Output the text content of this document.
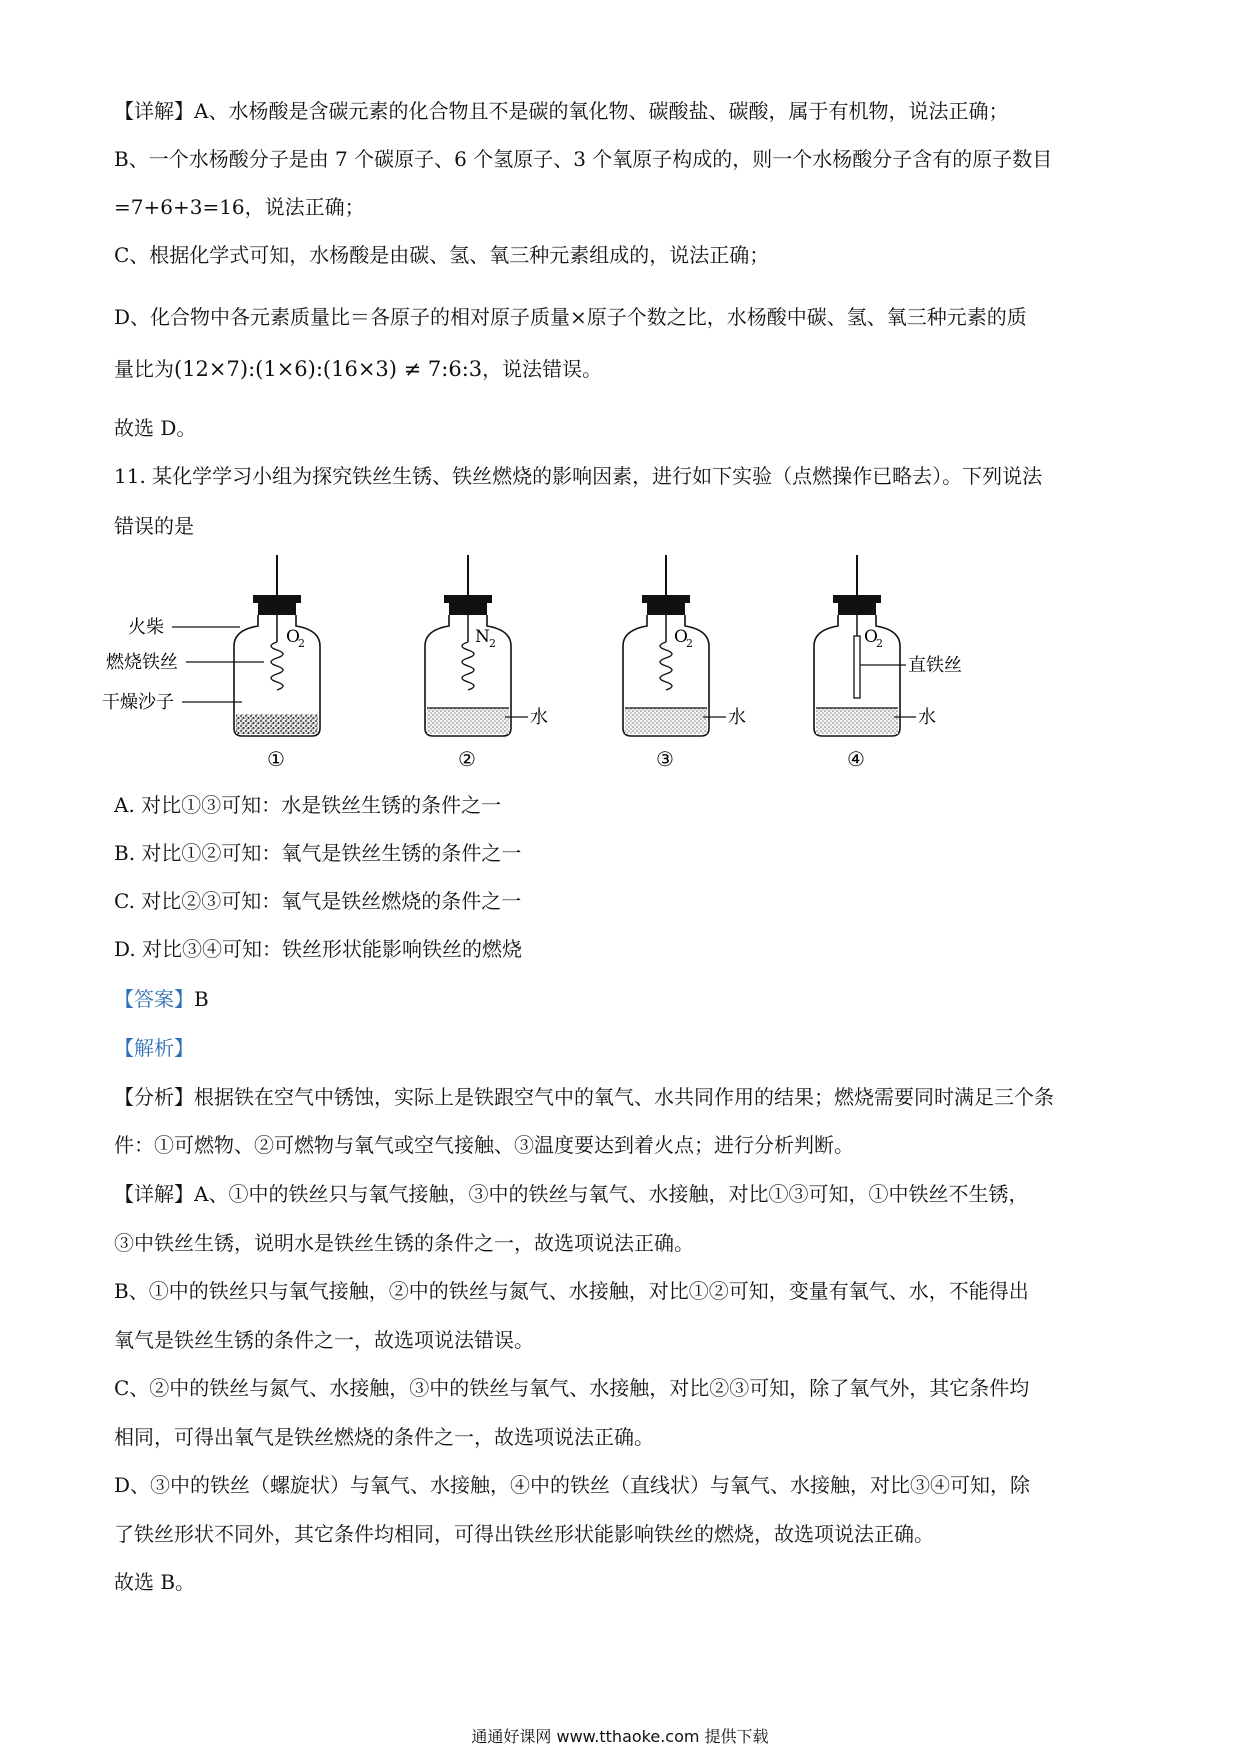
【详解】A、水杨酸是含碳元素的化合物且不是碳的氧化物、碳酸盐、碳酸，属于有机物，说法正确；
B、一个水杨酸分子是由 7 个碳原子、6 个氢原子、3 个氧原子构成的，则一个水杨酸分子含有的原子数目
=7+6+3=16，说法正确；
C、根据化学式可知，水杨酸是由碳、氢、氧三种元素组成的，说法正确；
D、化合物中各元素质量比＝各原子的相对原子质量×原子个数之比，水杨酸中碳、氢、氧三种元素的质
量比为(12×7):(1×6):(16×3) ≠ 7:6:3，说法错误。
故选 D。
11. 某化学学习小组为探究铁丝生锈、铁丝燃烧的影响因素，进行如下实验（点燃操作已略去）。下列说法
错误的是
O
2
火柴
燃烧铁丝
干燥沙子
①
N 2
水
②
O
2
水
③
O
2
直铁丝
水
④
A. 对比①③可知：水是铁丝生锈的条件之一
B. 对比①②可知：氧气是铁丝生锈的条件之一
C. 对比②③可知：氧气是铁丝燃烧的条件之一
D. 对比③④可知：铁丝形状能影响铁丝的燃烧
【答案】B
【解析】
【分析】根据铁在空气中锈蚀，实际上是铁跟空气中的氧气、水共同作用的结果；燃烧需要同时满足三个条
件：①可燃物、②可燃物与氧气或空气接触、③温度要达到着火点；进行分析判断。
【详解】A、①中的铁丝只与氧气接触，③中的铁丝与氧气、水接触，对比①③可知，①中铁丝不生锈，
③中铁丝生锈，说明水是铁丝生锈的条件之一，故选项说法正确。
B、①中的铁丝只与氧气接触，②中的铁丝与氮气、水接触，对比①②可知，变量有氧气、水，不能得出
氧气是铁丝生锈的条件之一，故选项说法错误。
C、②中的铁丝与氮气、水接触，③中的铁丝与氧气、水接触，对比②③可知，除了氧气外，其它条件均
相同，可得出氧气是铁丝燃烧的条件之一，故选项说法正确。
D、③中的铁丝（螺旋状）与氧气、水接触，④中的铁丝（直线状）与氧气、水接触，对比③④可知，除
了铁丝形状不同外，其它条件均相同，可得出铁丝形状能影响铁丝的燃烧，故选项说法正确。
故选 B。
通通好课网 www.tthaoke.com 提供下载
